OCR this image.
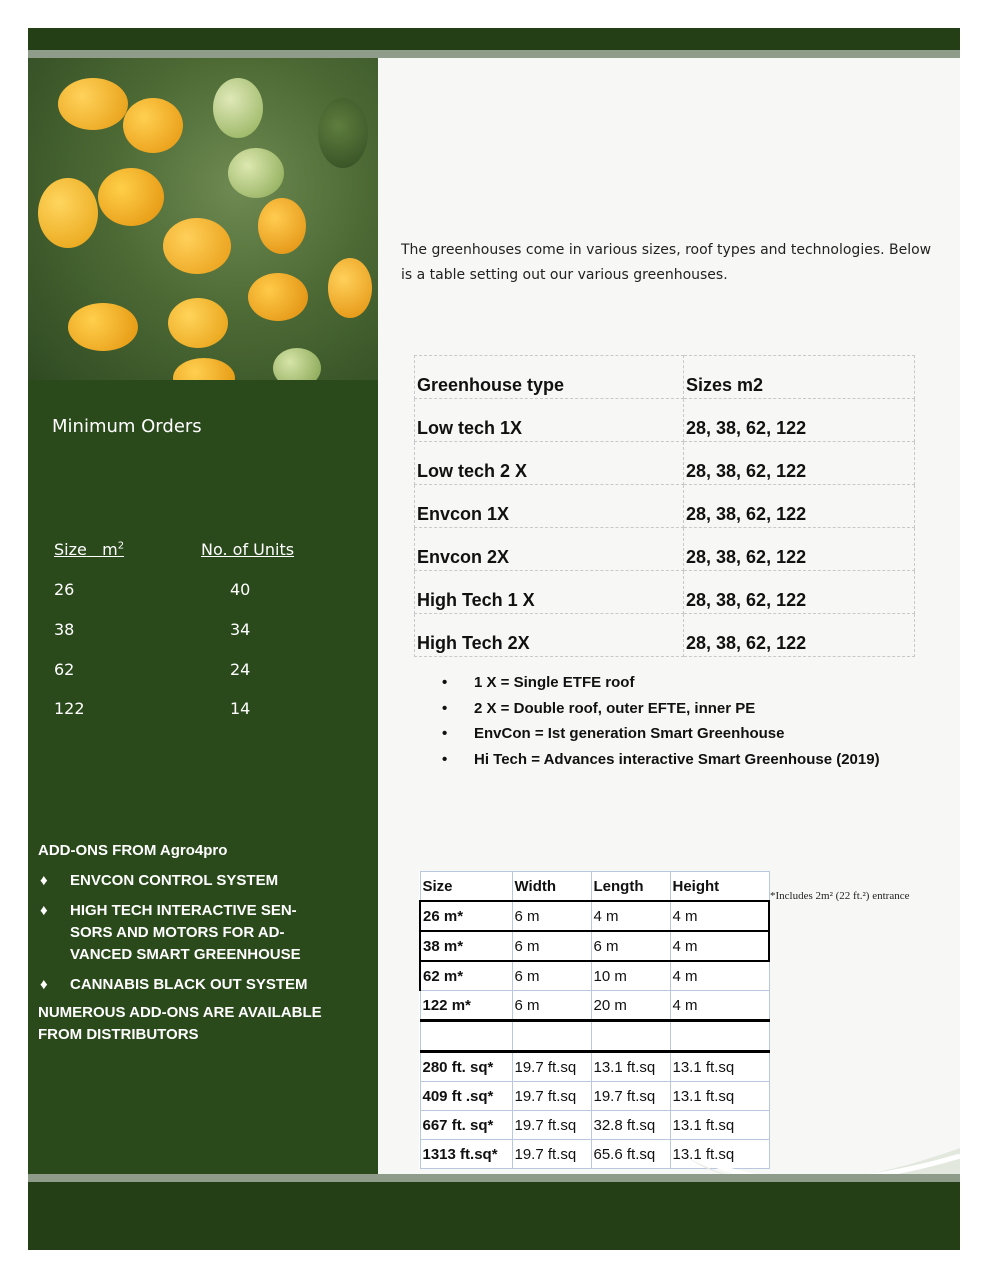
Minimum Orders
Size $m^2$	No. of Units
26	40
38	34
62	24
122	14
ADD-ONS FROM Agro4pro
♦	ENVCON CONTROL SYSTEM
♦	HIGH TECH INTERACTIVE SEN-SORS AND MOTORS FOR AD-VANCED SMART GREENHOUSE
♦	CANNABIS BLACK OUT SYSTEM
NUMEROUS ADD-ONS ARE AVAILABLE FROM DISTRIBUTORS
The greenhouses come in various sizes, roof types and technologies. Below is a table setting out our various greenhouses.
Greenhouse type	Sizes m2
Low tech 1X	28, 38, 62, 122
Low tech 2 X	28, 38, 62, 122
Envcon 1X	28, 38, 62, 122
Envcon 2X	28, 38, 62, 122
High Tech 1 X	28, 38, 62, 122
High Tech 2X	28, 38, 62, 122
•	1 X = Single ETFE roof
•	2 X = Double roof, outer EFTE, inner PE
•	EnvCon = Ist generation Smart Greenhouse
•	Hi Tech = Advances interactive Smart Greenhouse (2019)
Size	Width	Length	Height
26 m*	6 m	4 m	4 m
38 m*	6 m	6 m	4 m
62 m*	6 m	10 m	4 m
122 m*	6 m	20 m	4 m

280 ft. sq*	19.7 ft.sq	13.1 ft.sq	13.1 ft.sq
409 ft .sq*	19.7 ft.sq	19.7 ft.sq	13.1 ft.sq
667 ft. sq*	19.7 ft.sq	32.8 ft.sq	13.1 ft.sq
1313 ft.sq*	19.7 ft.sq	65.6 ft.sq	13.1 ft.sq
*Includes 2m² (22 ft.²) entrance
